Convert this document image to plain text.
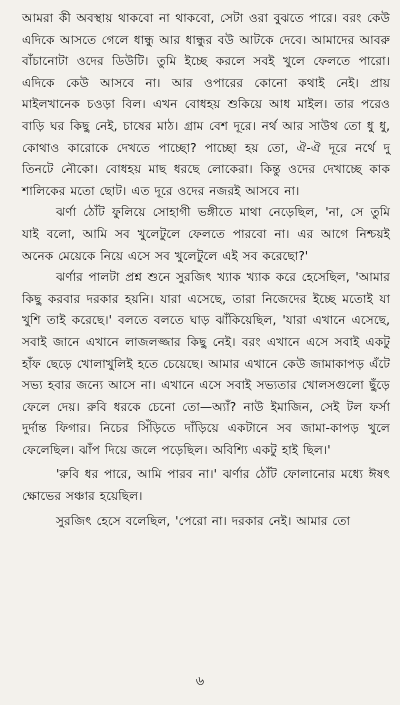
আমরা কী অবস্থায় থাকবো না থাকবো, সেটা ওরা বুঝতে পারে। বরং কেউ এদিকে আসতে গেলে ধান্ধু আর ধান্ধুর বউ আটকে দেবে। আমাদের আবরু বাঁচানোটা ওদের ডিউটি। তুমি ইচ্ছে করলে সবই খুলে ফেলতে পারো। এদিকে কেউ আসবে না। আর ওপারের কোনো কথাই নেই। প্রায় মাইলখানেক চওড়া বিল। এখন বোধহয় শুকিয়ে আধ মাইল। তার পরেও বাড়ি ঘর কিছু নেই, চাষের মাঠ। গ্রাম বেশ দূরে। নর্থ আর সাউথ তো ধু ধু, কোথাও কারোকে দেখতে পাচ্ছো? পাচ্ছো হয় তো, ঐ-ঐ দূরে নর্থে দু তিনটে নৌকো। বোধহয় মাছ ধরছে লোকেরা। কিন্তু ওদের দেখাচ্ছে কাক শালিকের মতো ছোট। এত দূরে ওদের নজরই আসবে না।

ঝর্ণা ঠোঁট ফুলিয়ে সোহাগী ভঙ্গীতে মাথা নেড়েছিল, 'না, সে তুমি যাই বলো, আমি সব খুলেটুলে ফেলতে পারবো না। এর আগে নিশ্চয়ই অনেক মেয়েকে নিয়ে এসে সব খুলেটুলে এই সব করেছো?'

ঝর্ণার পালটা প্রশ্ন শুনে সুরজিৎ খ্যাক খ্যাক করে হেসেছিল, 'আমার কিছু করবার দরকার হয়নি। যারা এসেছে, তারা নিজেদের ইচ্ছে মতোই যা খুশি তাই করেছে।' বলতে বলতে ঘাড় ঝাঁকিয়েছিল, 'যারা এখানে এসেছে, সবাই জানে এখানে লাজলজ্জার কিছু নেই। বরং এখানে এসে সবাই একটু হাঁফ ছেড়ে খোলাখুলিই হতে চেয়েছে। আমার এখানে কেউ জামাকাপড় এঁটে সভ্য হবার জন্যে আসে না। এখানে এসে সবাই সভ্যতার খোলসগুলো ছুঁড়ে ফেলে দেয়। রুবি ধরকে চেনো তো—অ্যাঁ? নাউ ইমাজিন, সেই টল ফর্সা দুর্দান্ত ফিগার। নিচের সিঁড়িতে দাঁড়িয়ে একটানে সব জামা-কাপড় খুলে ফেলেছিল। ঝাঁপ দিয়ে জলে পড়েছিল। অবিশ্যি একটু হাই ছিল।'

'রুবি ধর পারে, আমি পারব না।' ঝর্ণার ঠোঁট ফোলানোর মধ্যে ঈষৎ ক্ষোভের সঞ্চার হয়েছিল।

সুরজিৎ হেসে বলেছিল, 'পেরো না। দরকার নেই। আমার তো

৬
